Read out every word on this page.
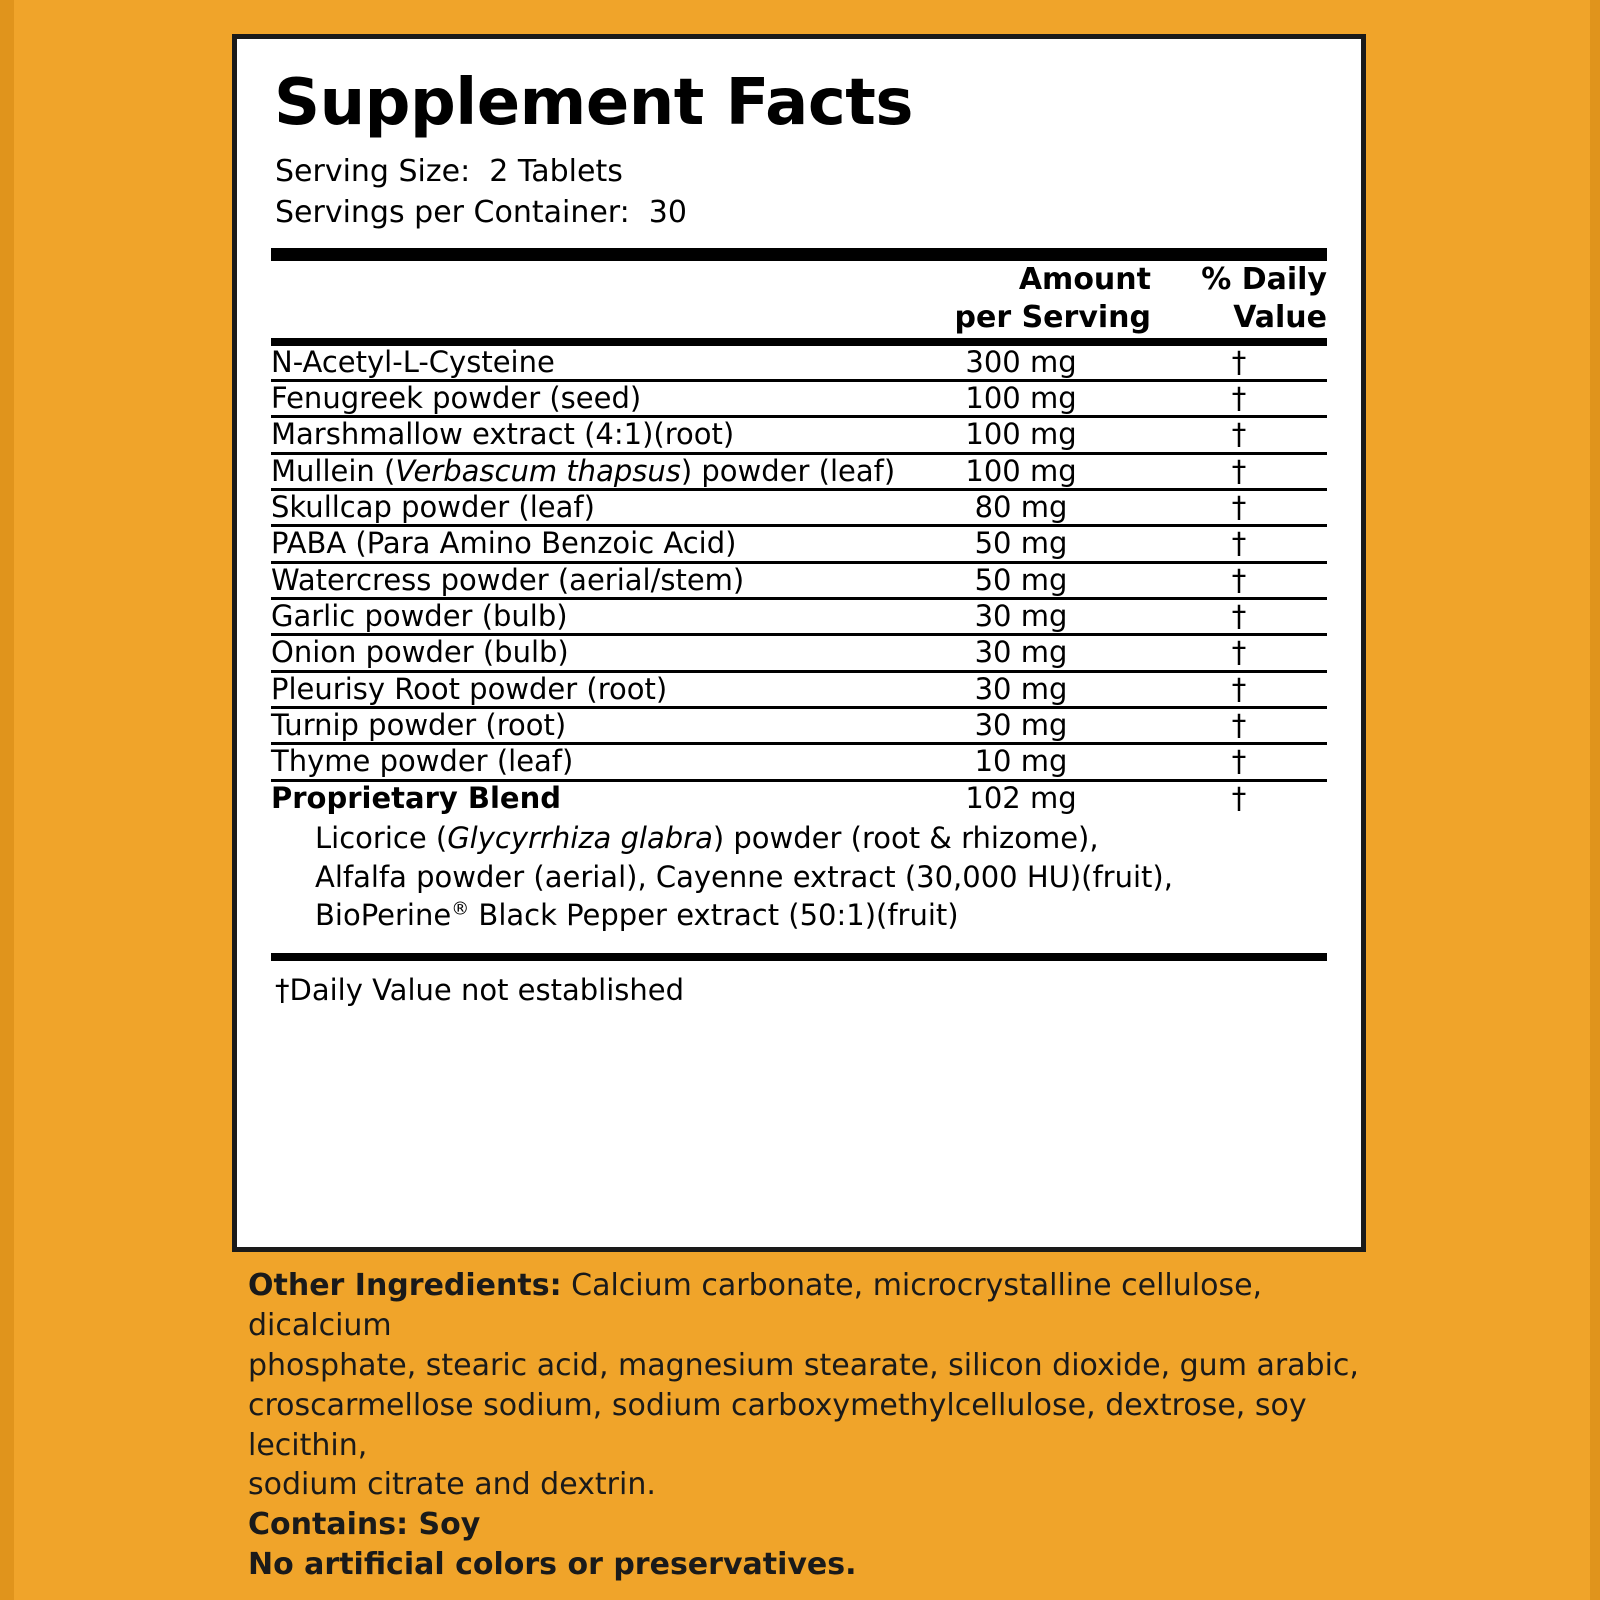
Supplement Facts
Serving Size:  2 Tablets
Servings per Container:  30
	Amount
per Serving
	% Daily
Value
N-Acetyl-L-Cysteine	300 mg	†
Fenugreek powder (seed)	100 mg	†
Marshmallow extract (4:1)(root)	100 mg	†
Mullein (Verbascum thapsus) powder (leaf)	100 mg	†
Skullcap powder (leaf)	80 mg	†
PABA (Para Amino Benzoic Acid)	50 mg	†
Watercress powder (aerial/stem)	50 mg	†
Garlic powder (bulb)	30 mg	†
Onion powder (bulb)	30 mg	†
Pleurisy Root powder (root)	30 mg	†
Turnip powder (root)	30 mg	†
Thyme powder (leaf)	10 mg	†
Proprietary Blend	102 mg	†
Licorice (Glycyrrhiza glabra) powder (root & rhizome),
Alfalfa powder (aerial), Cayenne extract (30,000 HU)(fruit),
BioPerine® Black Pepper extract (50:1)(fruit)
†Daily Value not established

Other Ingredients: Calcium carbonate, microcrystalline cellulose, dicalcium

phosphate, stearic acid, magnesium stearate, silicon dioxide, gum arabic,

croscarmellose sodium, sodium carboxymethylcellulose, dextrose, soy lecithin,

sodium citrate and dextrin.

Contains: Soy

No artificial colors or preservatives.
